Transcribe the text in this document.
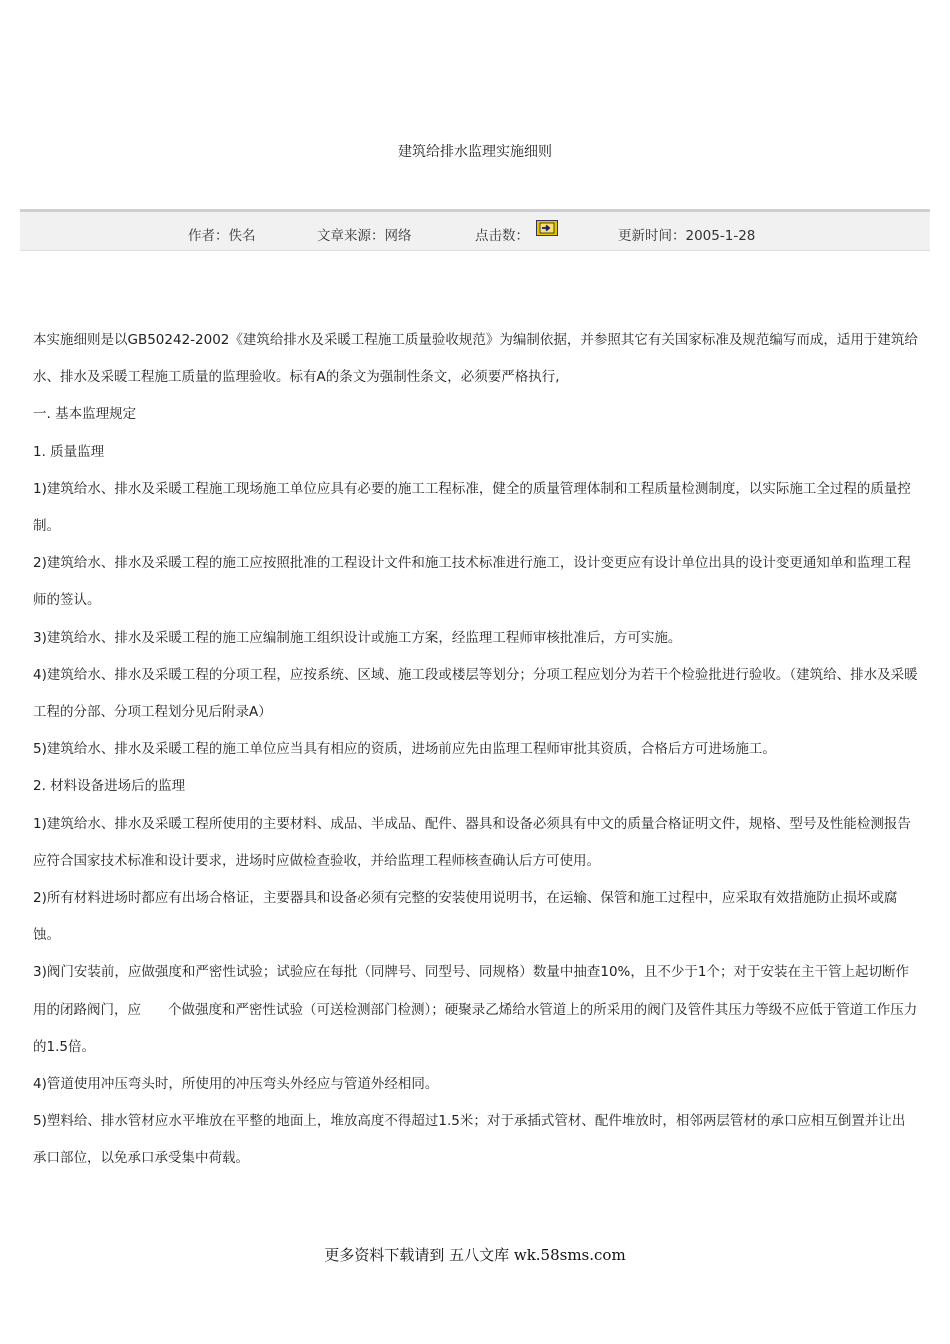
建筑给排水监理实施细则
作者：佚名	文章来源：网络	点击数：	更新时间：2005-1-28

本实施细则是以GB50242-2002《建筑给排水及采暖工程施工质量验收规范》为编制依据，并参照其它有关国家标准及规范编写而成，适用于建筑给水、排水及采暖工程施工质量的监理验收。标有A的条文为强制性条文，必须要严格执行,

一. 基本监理规定

1. 质量监理

1)建筑给水、排水及采暖工程施工现场施工单位应具有必要的施工工程标准，健全的质量管理体制和工程质量检测制度，以实际施工全过程的质量控制。

2)建筑给水、排水及采暖工程的施工应按照批准的工程设计文件和施工技术标准进行施工，设计变更应有设计单位出具的设计变更通知单和监理工程师的签认。

3)建筑给水、排水及采暖工程的施工应编制施工组织设计或施工方案，经监理工程师审核批准后，方可实施。

4)建筑给水、排水及采暖工程的分项工程，应按系统、区域、施工段或楼层等划分；分项工程应划分为若干个检验批进行验收。（建筑给、排水及采暖工程的分部、分项工程划分见后附录A）

5)建筑给水、排水及采暖工程的施工单位应当具有相应的资质，进场前应先由监理工程师审批其资质，合格后方可进场施工。

2. 材料设备进场后的监理

1)建筑给水、排水及采暖工程所使用的主要材料、成品、半成品、配件、器具和设备必须具有中文的质量合格证明文件，规格、型号及性能检测报告应符合国家技术标准和设计要求，进场时应做检查验收，并给监理工程师核查确认后方可使用。

2)所有材料进场时都应有出场合格证，主要器具和设备必须有完整的安装使用说明书，在运输、保管和施工过程中，应采取有效措施防止损坏或腐蚀。

3)阀门安装前，应做强度和严密性试验；试验应在每批（同牌号、同型号、同规格）数量中抽查10%，且不少于1个；对于安装在主干管上起切断作用的闭路阀门，应　　个做强度和严密性试验（可送检测部门检测）；硬聚录乙烯给水管道上的所采用的阀门及管件其压力等级不应低于管道工作压力的1.5倍。

4)管道使用冲压弯头时，所使用的冲压弯头外经应与管道外经相同。

5)塑料给、排水管材应水平堆放在平整的地面上，堆放高度不得超过1.5米；对于承插式管材、配件堆放时，相邻两层管材的承口应相互倒置并让出承口部位，以免承口承受集中荷载。

更多资料下载请到 五八文库 wk.58sms.com
